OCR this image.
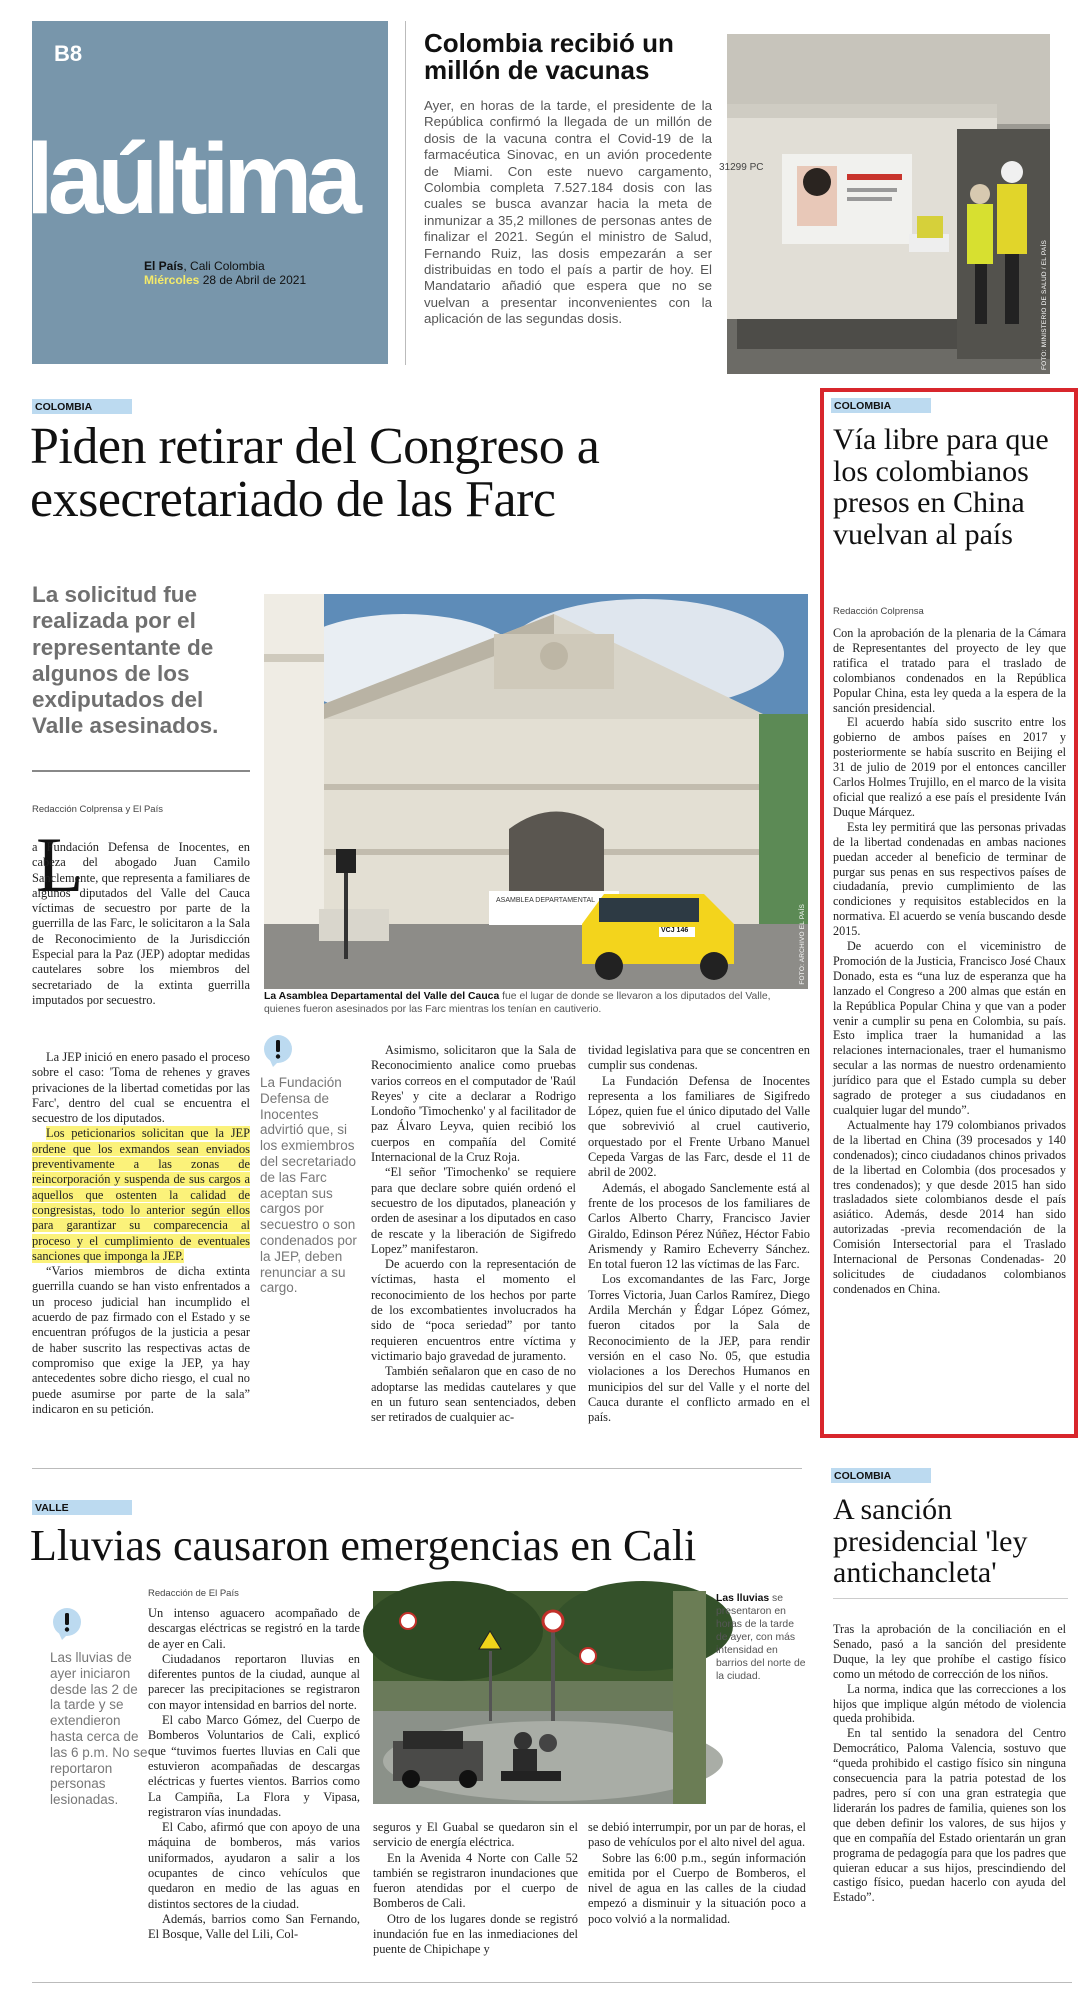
B8
laúltima
El País, Cali Colombia
Miércoles 28 de Abril de 2021
Colombia recibió un millón de vacunas
Ayer, en horas de la tarde, el presidente de la República confirmó la llegada de un millón de dosis de la vacuna contra el Covid-19 de la farmacéutica Sinovac, en un avión procedente de Miami. Con este nuevo cargamento, Colombia completa 7.527.184 dosis con las cuales se busca avanzar hacia la meta de inmunizar a 35,2 millones de personas antes de finalizar el 2021. Según el ministro de Salud, Fernando Ruiz, las dosis empezarán a ser distribuidas en todo el país a partir de hoy. El Mandatario añadió que espera que no se vuelvan a presentar inconvenientes con la aplicación de las segundas dosis.
31299 PC
FOTO: MINISTERIO DE SALUD / EL PAÍS
COLOMBIA
Piden retirar del Congreso a exsecretariado de las Farc
La solicitud fue realizada por el representante de algunos de los exdiputados del Valle asesinados.
Redacción Colprensa y El País
L

a Fundación Defensa de Inocentes, en cabeza del abogado Juan Camilo Sanclemente, que representa a familiares de algunos diputados del Valle del Cauca víctimas de secuestro por parte de la guerrilla de las Farc, le solicitaron a la Sala de Reconocimiento de la Jurisdicción Especial para la Paz (JEP) adoptar medidas cautelares sobre los miembros del secretariado de la extinta guerrilla imputados por secuestro.

ASAMBLEA DEPARTAMENTAL
VCJ 146	FOTO: ARCHIVO EL PAÍS
La Asamblea Departamental del Valle del Cauca fue el lugar de donde se llevaron a los diputados del Valle, quienes fueron asesinados por las Farc mientras los tenían en cautiverio.

La JEP inició en enero pasado el proceso sobre el caso: 'Toma de rehenes y graves privaciones de la libertad cometidas por las Farc', dentro del cual se encuentra el secuestro de los diputados.

Los peticionarios solicitan que la JEP ordene que los exmandos sean enviados preventivamente a las zonas de reincorporación y suspenda de sus cargos a aquellos que ostenten la calidad de congresistas, todo lo anterior según ellos para garantizar su comparecencia al proceso y el cumplimiento de eventuales sanciones que imponga la JEP.

“Varios miembros de dicha extinta guerrilla cuando se han visto enfrentados a un proceso judicial han incumplido el acuerdo de paz firmado con el Estado y se encuentran prófugos de la justicia a pesar de haber suscrito las respectivas actas de compromiso que exige la JEP, ya hay antecedentes sobre dicho riesgo, el cual no puede asumirse por parte de la sala” indicaron en su petición.

La Fundación Defensa de Inocentes advirtió que, si los exmiembros del secretariado de las Farc aceptan sus cargos por secuestro o son condenados por la JEP, deben renunciar a su cargo.

Asimismo, solicitaron que la Sala de Reconocimiento analice como pruebas varios correos en el computador de 'Raúl Reyes' y cite a declarar a Rodrigo Londoño 'Timochenko' y al facilitador de paz Álvaro Leyva, quien recibió los cuerpos en compañía del Comité Internacional de la Cruz Roja.

“El señor 'Timochenko' se requiere para que declare sobre quién ordenó el secuestro de los diputados, planeación y orden de asesinar a los diputados en caso de rescate y la liberación de Sigifredo Lopez” manifestaron.

De acuerdo con la representación de víctimas, hasta el momento el reconocimiento de los hechos por parte de los excombatientes involucrados ha sido de “poca seriedad” por tanto requieren encuentros entre víctima y victimario bajo gravedad de juramento.

También señalaron que en caso de no adoptarse las medidas cautelares y que en un futuro sean sentenciados, deben ser retirados de cualquier ac-

tividad legislativa para que se concentren en cumplir sus condenas.

La Fundación Defensa de Inocentes representa a los familiares de Sigifredo López, quien fue el único diputado del Valle que sobrevivió al cruel cautiverio, orquestado por el Frente Urbano Manuel Cepeda Vargas de las Farc, desde el 11 de abril de 2002.

Además, el abogado Sanclemente está al frente de los procesos de los familiares de Carlos Alberto Charry, Francisco Javier Giraldo, Edinson Pérez Núñez, Héctor Fabio Arismendy y Ramiro Echeverry Sánchez. En total fueron 12 las víctimas de las Farc.

Los excomandantes de las Farc, Jorge Torres Victoria, Juan Carlos Ramírez, Diego Ardila Merchán y Édgar López Gómez, fueron citados por la Sala de Reconocimiento de la JEP, para rendir versión en el caso No. 05, que estudia violaciones a los Derechos Humanos en municipios del sur del Valle y el norte del Cauca durante el conflicto armado en el país.

COLOMBIA
Vía libre para que los colombianos presos en China vuelvan al país
Redacción Colprensa

Con la aprobación de la plenaria de la Cámara de Representantes del proyecto de ley que ratifica el tratado para el traslado de colombianos condenados en la República Popular China, esta ley queda a la espera de la sanción presidencial.

El acuerdo había sido suscrito entre los gobierno de ambos países en 2017 y posteriormente se había suscrito en Beijing el 31 de julio de 2019 por el entonces canciller Carlos Holmes Trujillo, en el marco de la visita oficial que realizó a ese país el presidente Iván Duque Márquez.

Esta ley permitirá que las personas privadas de la libertad condenadas en ambas naciones puedan acceder al beneficio de terminar de purgar sus penas en sus respectivos países de ciudadanía, previo cumplimiento de las condiciones y requisitos establecidos en la normativa. El acuerdo se venía buscando desde 2015.

De acuerdo con el viceministro de Promoción de la Justicia, Francisco José Chaux Donado, esta es “una luz de esperanza que ha lanzado el Congreso a 200 almas que están en la República Popular China y que van a poder venir a cumplir su pena en Colombia, su país. Esto implica traer la humanidad a las relaciones internacionales, traer el humanismo secular a las normas de nuestro ordenamiento jurídico para que el Estado cumpla su deber sagrado de proteger a sus ciudadanos en cualquier lugar del mundo”.

Actualmente hay 179 colombianos privados de la libertad en China (39 procesados y 140 condenados); cinco ciudadanos chinos privados de la libertad en Colombia (dos procesados y tres condenados); y que desde 2015 han sido trasladados siete colombianos desde el país asiático. Además, desde 2014 han sido autorizadas -previa recomendación de la Comisión Intersectorial para el Traslado Internacional de Personas Condenadas- 20 solicitudes de ciudadanos colombianos condenados en China.

VALLE
Lluvias causaron emergencias en Cali
Las lluvias de ayer iniciaron desde las 2 de la tarde y se extendieron hasta cerca de las 6 p.m. No se reportaron personas lesionadas.
Redacción de El País

Un intenso aguacero acompañado de descargas eléctricas se registró en la tarde de ayer en Cali.

Ciudadanos reportaron lluvias en diferentes puntos de la ciudad, aunque al parecer las precipitaciones se registraron con mayor intensidad en barrios del norte.

El cabo Marco Gómez, del Cuerpo de Bomberos Voluntarios de Cali, explicó que “tuvimos fuertes lluvias en Cali que estuvieron acompañadas de descargas eléctricas y fuertes vientos. Barrios como La Campiña, La Flora y Vipasa, registraron vías inundadas.

El Cabo, afirmó que con apoyo de una máquina de bomberos, más varios uniformados, ayudaron a salir a los ocupantes de cinco vehículos que quedaron en medio de las aguas en distintos sectores de la ciudad.

Además, barrios como San Fernando, El Bosque, Valle del Lili, Col-

Las lluvias se presentaron en horas de la tarde de ayer, con más intensidad en barrios del norte de la ciudad.

seguros y El Guabal se quedaron sin el servicio de energía eléctrica.

En la Avenida 4 Norte con Calle 52 también se registraron inundaciones que fueron atendidas por el cuerpo de Bomberos de Cali.

Otro de los lugares donde se registró inundación fue en las inmediaciones del puente de Chipichape y

se debió interrumpir, por un par de horas, el paso de vehículos por el alto nivel del agua.

Sobre las 6:00 p.m., según información emitida por el Cuerpo de Bomberos, el nivel de agua en las calles de la ciudad empezó a disminuir y la situación poco a poco volvió a la normalidad.

COLOMBIA
A sanción presidencial 'ley antichancleta'

Tras la aprobación de la conciliación en el Senado, pasó a la sanción del presidente Duque, la ley que prohíbe el castigo físico como un método de corrección de los niños.

La norma, indica que las correcciones a los hijos que implique algún método de violencia queda prohibida.

En tal sentido la senadora del Centro Democrático, Paloma Valencia, sostuvo que “queda prohibido el castigo físico sin ninguna consecuencia para la patria potestad de los padres, pero sí con una gran estrategia que liderarán los padres de familia, quienes son los que deben definir los valores, de sus hijos y que en compañía del Estado orientarán un gran programa de pedagogía para que los padres que quieran educar a sus hijos, prescindiendo del castigo físico, puedan hacerlo con ayuda del Estado”.
